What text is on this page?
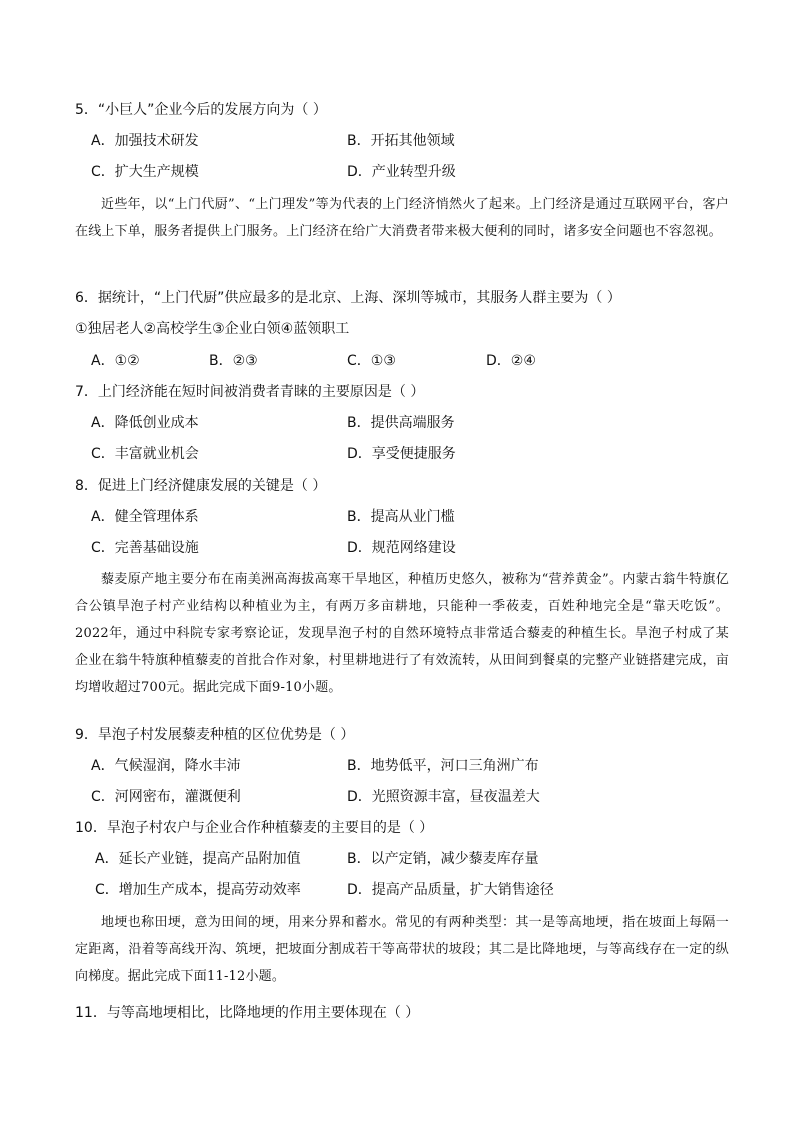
5．“小巨人”企业今后的发展方向为（ ）
A．加强技术研发	B．开拓其他领域
C．扩大生产规模	D．产业转型升级
近些年，以“上门代厨”、“上门理发”等为代表的上门经济悄然火了起来。上门经济是通过互联网平台，客户在线上下单，服务者提供上门服务。上门经济在给广大消费者带来极大便利的同时，诸多安全问题也不容忽视。
6．据统计，“上门代厨”供应最多的是北京、上海、深圳等城市，其服务人群主要为（ ）
①独居老人②高校学生③企业白领④蓝领职工
A．①②	B．②③	C．①③	D．②④
7．上门经济能在短时间被消费者青睐的主要原因是（ ）
A．降低创业成本	B．提供高端服务
C．丰富就业机会	D．享受便捷服务
8．促进上门经济健康发展的关键是（ ）
A．健全管理体系	B．提高从业门槛
C．完善基础设施	D．规范网络建设
藜麦原产地主要分布在南美洲高海拔高寒干旱地区，种植历史悠久，被称为“营养黄金”。内蒙古翁牛特旗亿合公镇旱泡子村产业结构以种植业为主，有两万多亩耕地，只能种一季莜麦，百姓种地完全是“靠天吃饭”。2022年，通过中科院专家考察论证，发现旱泡子村的自然环境特点非常适合藜麦的种植生长。旱泡子村成了某企业在翁牛特旗种植藜麦的首批合作对象，村里耕地进行了有效流转，从田间到餐桌的完整产业链搭建完成，亩均增收超过700元。据此完成下面9-10小题。
9．旱泡子村发展藜麦种植的区位优势是（ ）
A．气候湿润，降水丰沛	B．地势低平，河口三角洲广布
C．河网密布，灌溉便利	D．光照资源丰富，昼夜温差大
10．旱泡子村农户与企业合作种植藜麦的主要目的是（ ）
A．延长产业链，提高产品附加值	B．以产定销，减少藜麦库存量
C．增加生产成本，提高劳动效率	D．提高产品质量，扩大销售途径
地埂也称田埂，意为田间的埂，用来分界和蓄水。常见的有两种类型：其一是等高地埂，指在坡面上每隔一定距离，沿着等高线开沟、筑埂，把坡面分割成若干等高带状的坡段；其二是比降地埂，与等高线存在一定的纵向梯度。据此完成下面11-12小题。
11．与等高地埂相比，比降地埂的作用主要体现在（ ）
